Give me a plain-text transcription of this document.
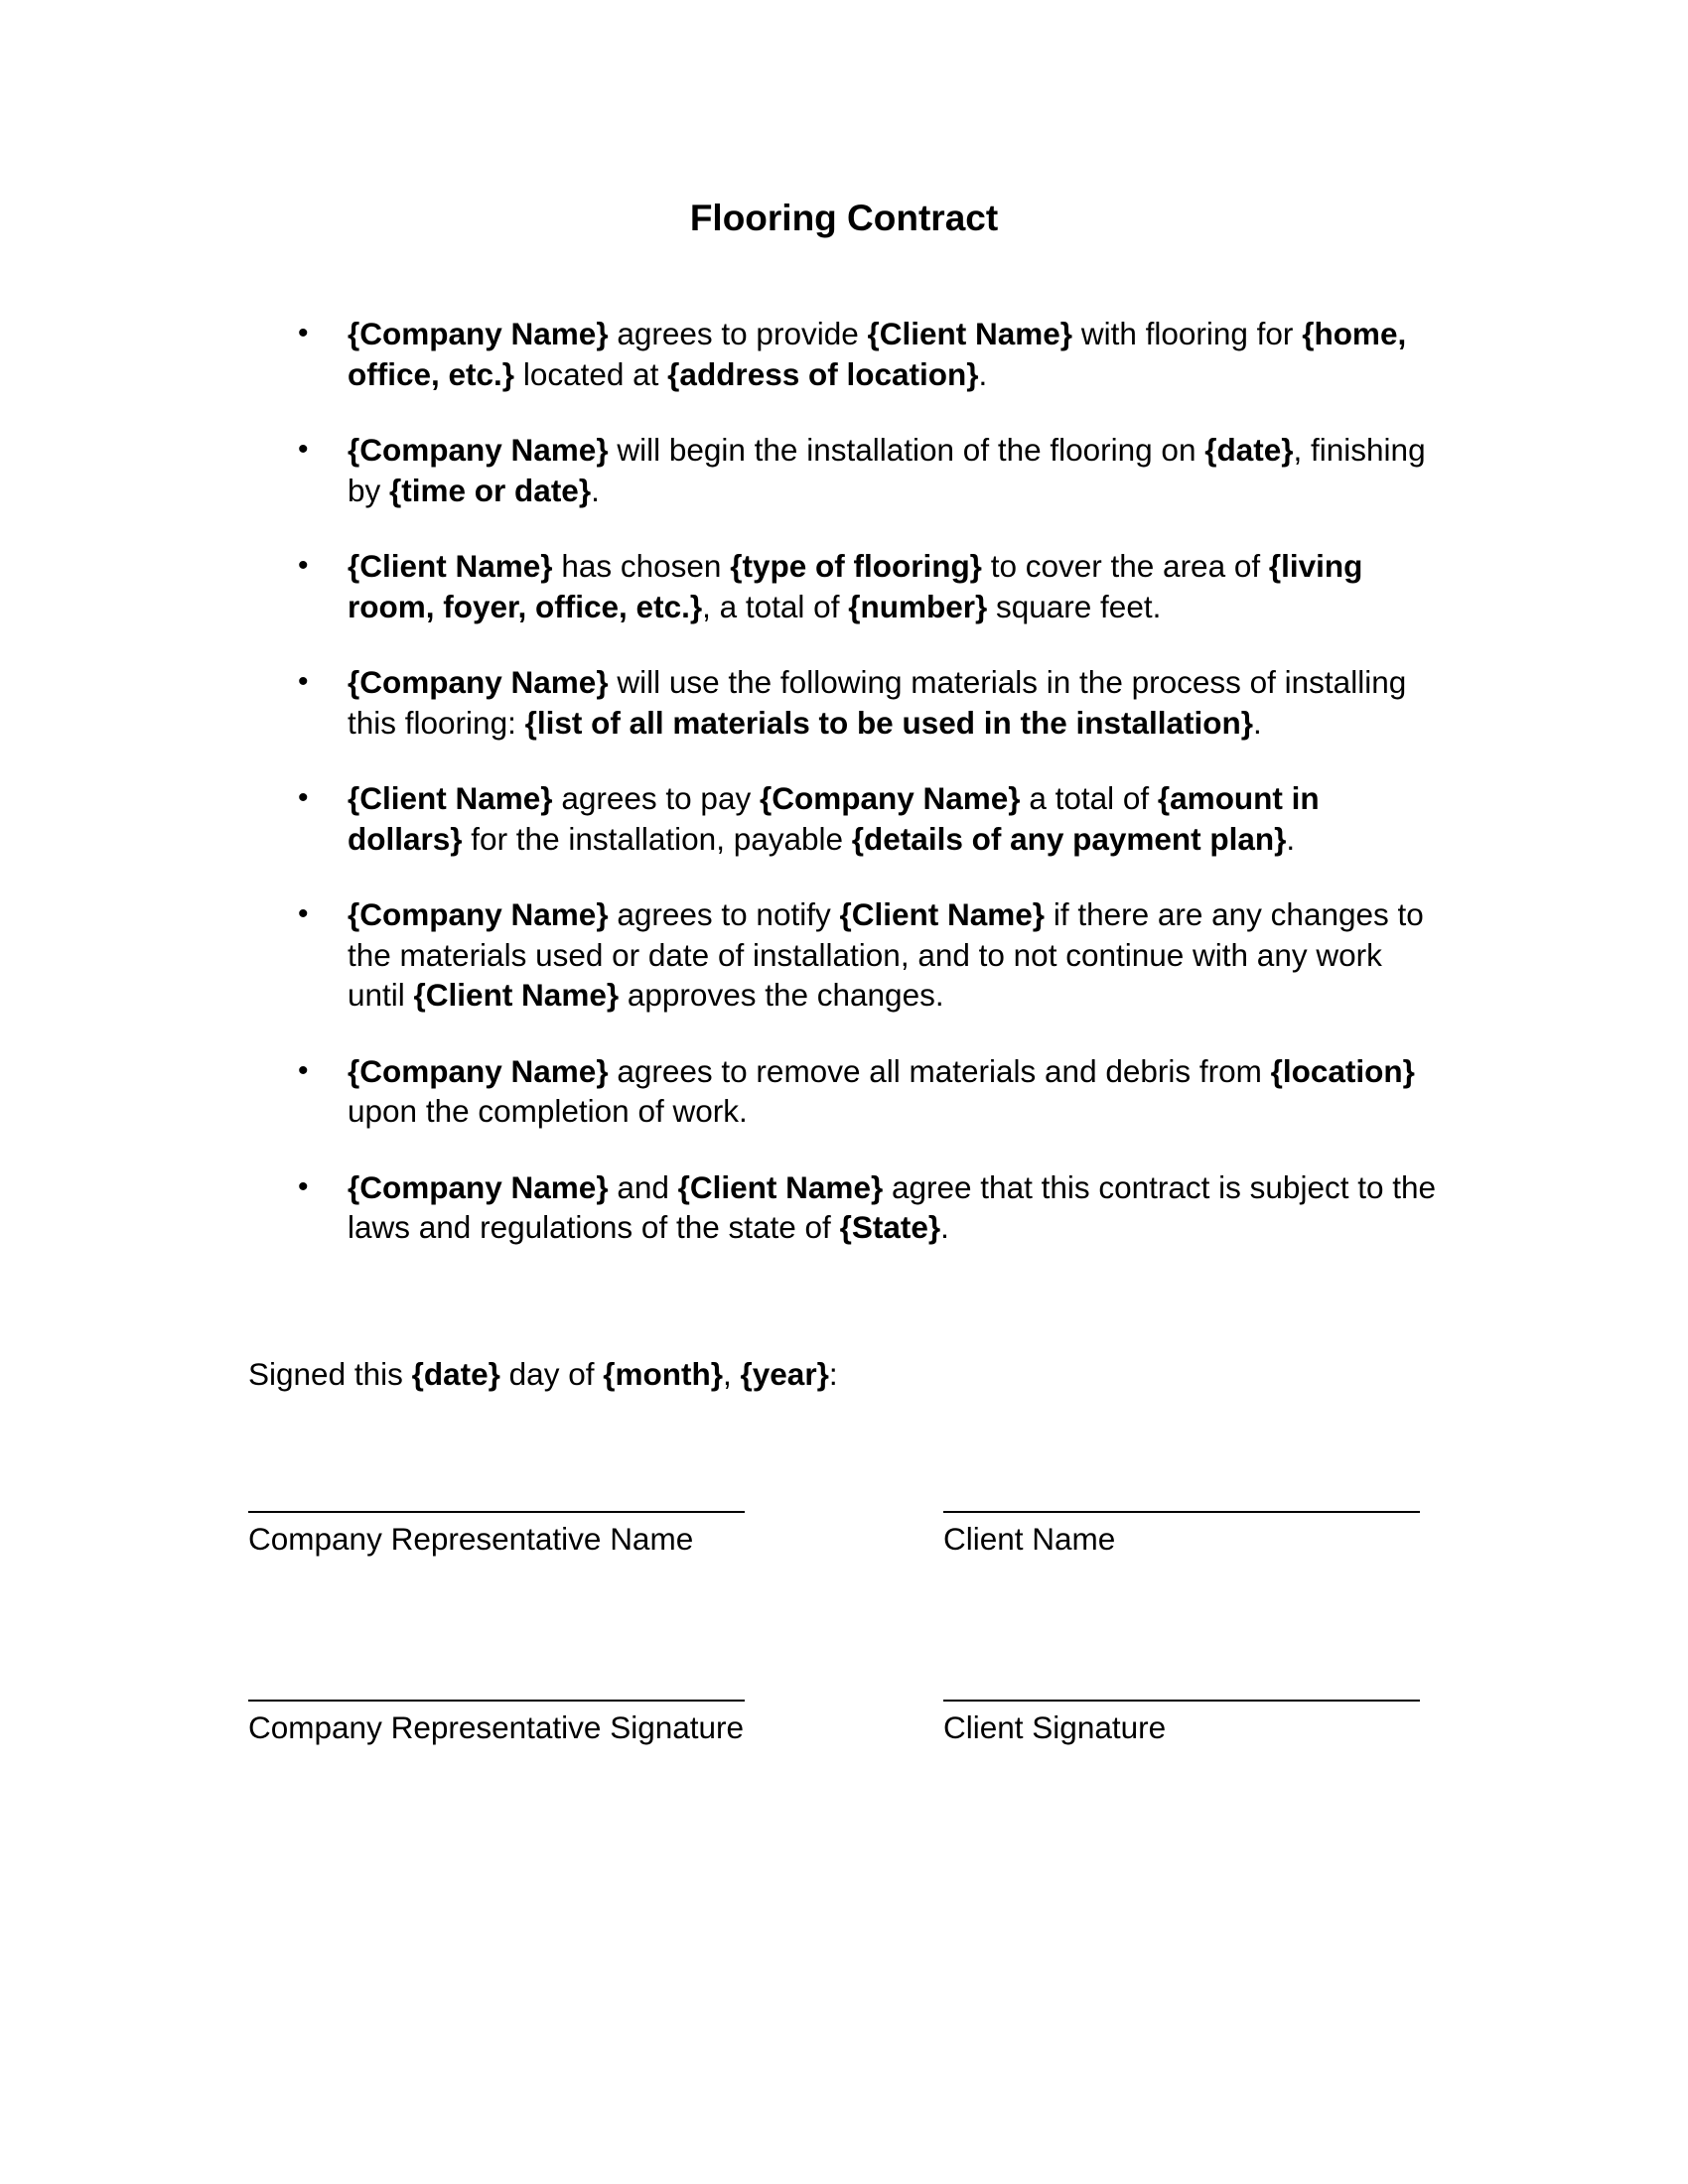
Flooring Contract
• {Company Name} agrees to provide {Client Name} with flooring for {home, office, etc.} located at {address of location}.
• {Company Name} will begin the installation of the flooring on {date}, finishing by {time or date}.
• {Client Name} has chosen {type of flooring} to cover the area of {living room, foyer, office, etc.}, a total of {number} square feet.
• {Company Name} will use the following materials in the process of installing this flooring: {list of all materials to be used in the installation}.
• {Client Name} agrees to pay {Company Name} a total of {amount in dollars} for the installation, payable {details of any payment plan}.
• {Company Name} agrees to notify {Client Name} if there are any changes to the materials used or date of installation, and to not continue with any work until {Client Name} approves the changes.
• {Company Name} agrees to remove all materials and debris from {location} upon the completion of work.
• {Company Name} and {Client Name} agree that this contract is subject to the laws and regulations of the state of {State}.
Signed this {date} day of {month}, {year}:
Company Representative Name	Client Name
Company Representative Signature	Client Signature
